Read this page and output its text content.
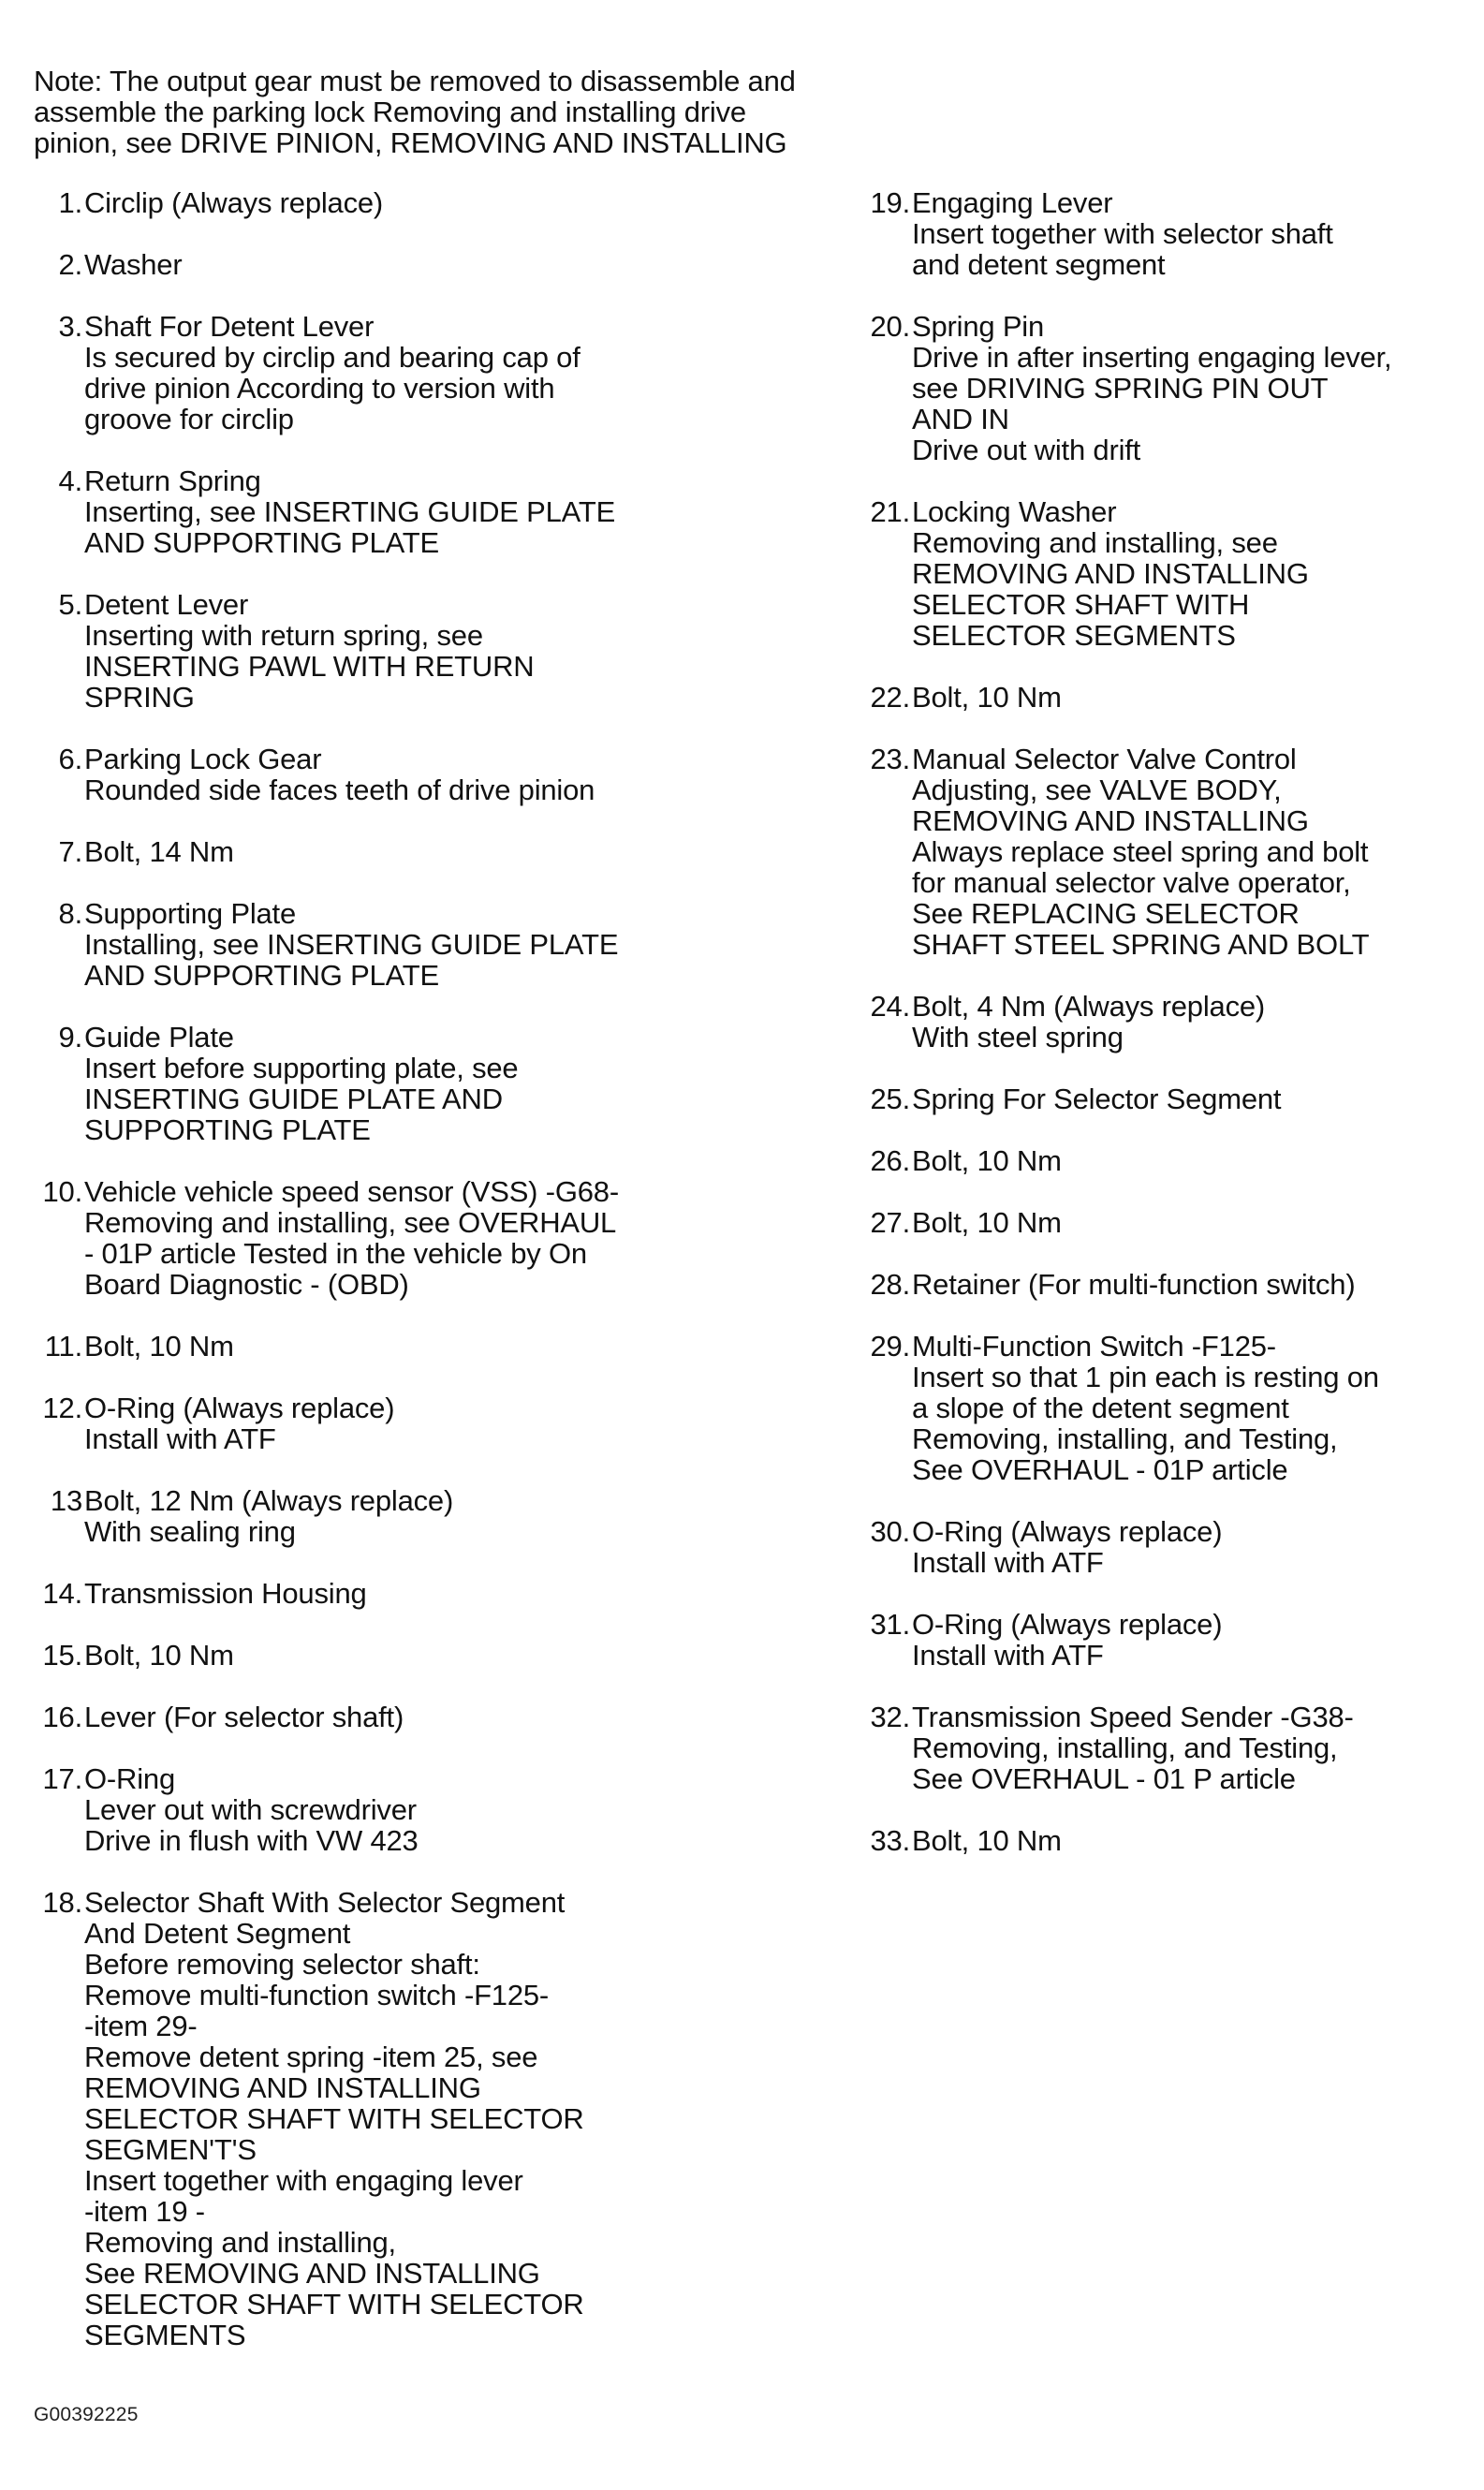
Note: The output gear must be removed to disassemble and
assemble the parking lock Removing and installing drive
pinion, see DRIVE PINION, REMOVING AND INSTALLING
1. Circlip (Always replace)
2. Washer
3. Shaft For Detent Lever
Is secured by circlip and bearing cap of
drive pinion According to version with
groove for circlip
4. Return Spring
Inserting, see INSERTING GUIDE PLATE
AND SUPPORTING PLATE
5. Detent Lever
Inserting with return spring, see
INSERTING PAWL WITH RETURN
SPRING
6. Parking Lock Gear
Rounded side faces teeth of drive pinion
7. Bolt, 14 Nm
8. Supporting Plate
Installing, see INSERTING GUIDE PLATE
AND SUPPORTING PLATE
9. Guide Plate
Insert before supporting plate, see
INSERTING GUIDE PLATE AND
SUPPORTING PLATE
10. Vehicle vehicle speed sensor (VSS) -G68-
Removing and installing, see OVERHAUL
- 01P article Tested in the vehicle by On
Board Diagnostic - (OBD)
11. Bolt, 10 Nm
12. O-Ring (Always replace)
Install with ATF
13 Bolt, 12 Nm (Always replace)
With sealing ring
14. Transmission Housing
15. Bolt, 10 Nm
16. Lever (For selector shaft)
17. O-Ring
Lever out with screwdriver
Drive in flush with VW 423
18. Selector Shaft With Selector Segment
And Detent Segment
Before removing selector shaft:
Remove multi-function switch -F125-
-item 29-
Remove detent spring -item 25, see
REMOVING AND INSTALLING
SELECTOR SHAFT WITH SELECTOR
SEGMEN'T'S
Insert together with engaging lever
-item 19 -
Removing and installing,
See REMOVING AND INSTALLING
SELECTOR SHAFT WITH SELECTOR
SEGMENTS
19. Engaging Lever
Insert together with selector shaft
and detent segment
20. Spring Pin
Drive in after inserting engaging lever,
see DRIVING SPRING PIN OUT
AND IN
Drive out with drift
21. Locking Washer
Removing and installing, see
REMOVING AND INSTALLING
SELECTOR SHAFT WITH
SELECTOR SEGMENTS
22. Bolt, 10 Nm
23. Manual Selector Valve Control
Adjusting, see VALVE BODY,
REMOVING AND INSTALLING
Always replace steel spring and bolt
for manual selector valve operator,
See REPLACING SELECTOR
SHAFT STEEL SPRING AND BOLT
24. Bolt, 4 Nm (Always replace)
With steel spring
25. Spring For Selector Segment
26. Bolt, 10 Nm
27. Bolt, 10 Nm
28. Retainer (For multi-function switch)
29. Multi-Function Switch -F125-
Insert so that 1 pin each is resting on
a slope of the detent segment
Removing, installing, and Testing,
See OVERHAUL - 01P article
30. O-Ring (Always replace)
Install with ATF
31. O-Ring (Always replace)
Install with ATF
32. Transmission Speed Sender -G38-
Removing, installing, and Testing,
See OVERHAUL - 01 P article
33. Bolt, 10 Nm
G00392225
